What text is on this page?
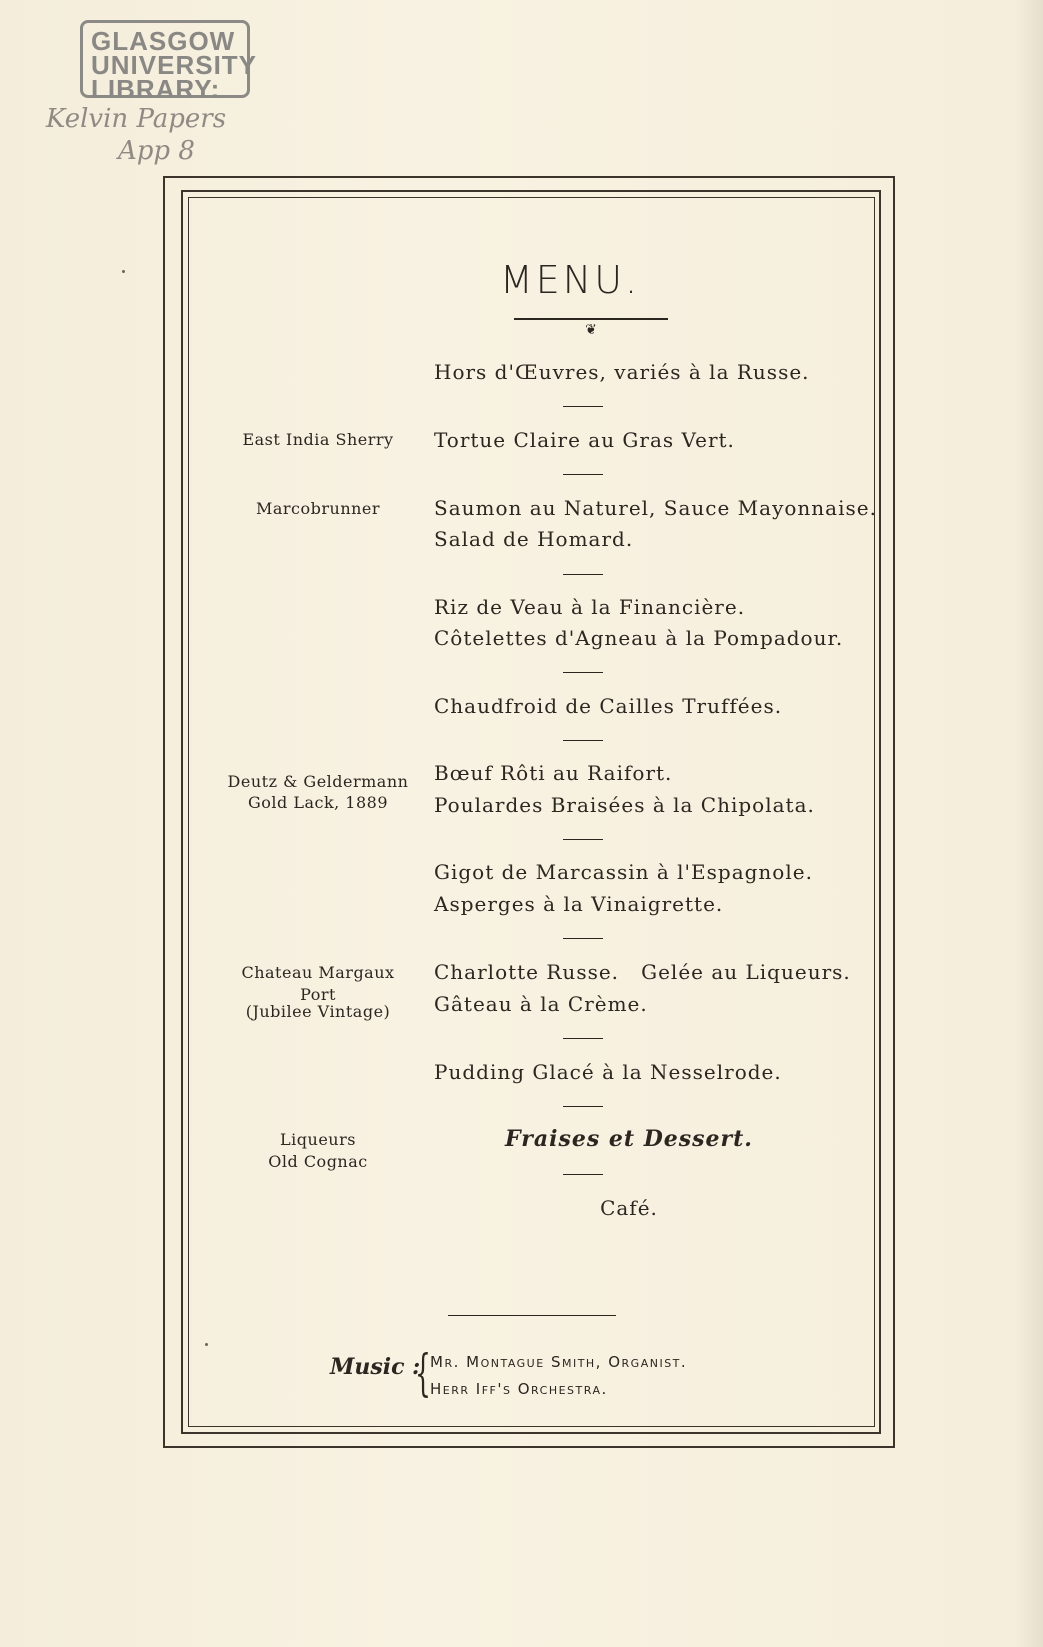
GLASGOW
UNIVERSITY
LIBRARY:
Kelvin Papers
App 8
MENU.
❦
Hors d'Œuvres, variés à la Russe.
East India Sherry	Tortue Claire au Gras Vert.
Marcobrunner	Saumon au Naturel, Sauce Mayonnaise.
Salad de Homard.
Riz de Veau à la Financière.
Côtelettes d'Agneau à la Pompadour.
Chaudfroid de Cailles Truffées.
Deutz & Geldermann
Gold Lack, 1889
Bœuf Rôti au Raifort.
Poulardes Braisées à la Chipolata.
Gigot de Marcassin à l'Espagnole.
Asperges à la Vinaigrette.
Chateau Margaux
Port
(Jubilee Vintage)
Charlotte Russe.   Gelée au Liqueurs.
Gâteau à la Crème.
Pudding Glacé à la Nesselrode.
Liqueurs
Old Cognac
Fraises et Dessert.
Café.
Music :
{ Mr. Montague Smith, Organist.
Herr Iff's Orchestra.
